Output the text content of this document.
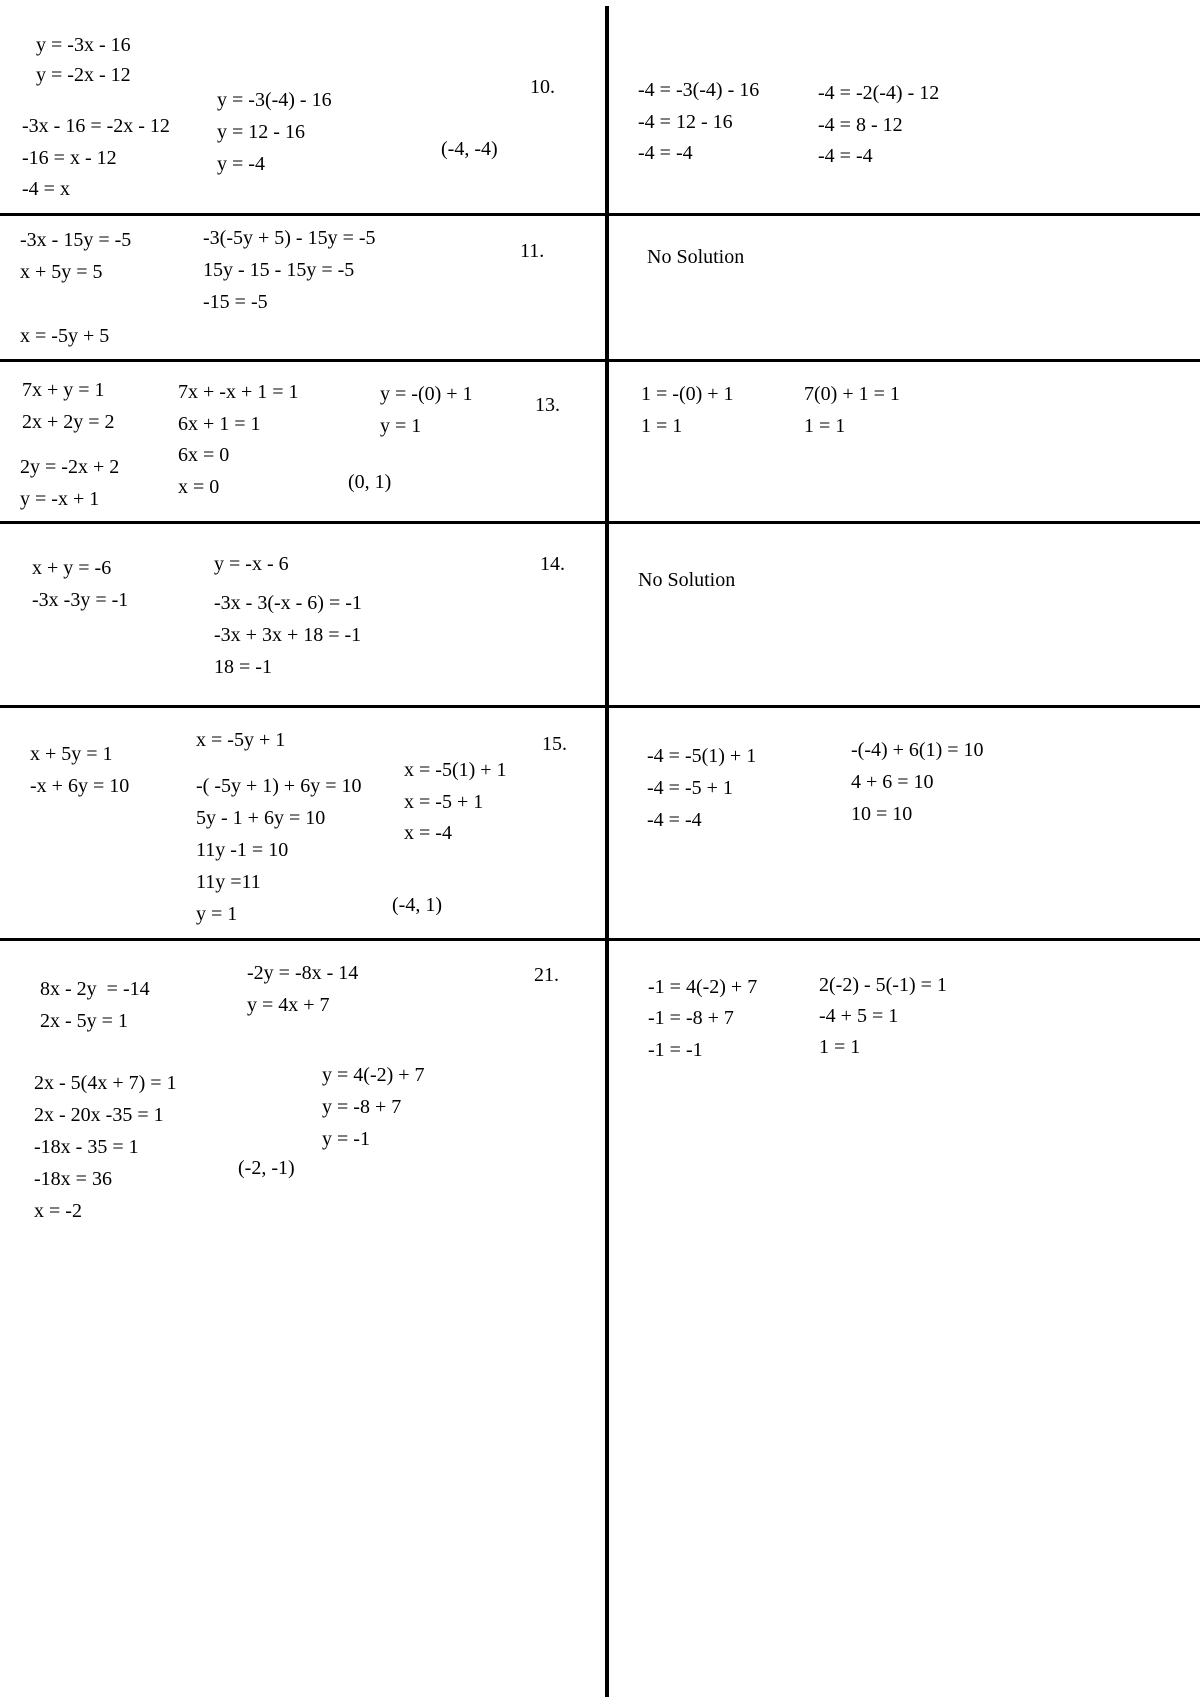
10.
y = -3x - 16
y = -2x - 12
-3x - 16 = -2x - 12
-16 = x - 12
-4 = x
y = -3(-4) - 16
y = 12 - 16
y = -4
(-4, -4)
-4 = -3(-4) - 16
-4 = 12 - 16
-4 = -4
-4 = -2(-4) - 12
-4 = 8 - 12
-4 = -4
11.
-3x - 15y = -5
x + 5y = 5
x = -5y + 5
-3(-5y + 5) - 15y = -5
15y - 15 - 15y = -5
-15 = -5
No Solution
13.
7x + y = 1
2x + 2y = 2
2y = -2x + 2
y = -x + 1
7x + -x + 1 = 1
6x + 1 = 1
6x = 0
x = 0
y = -(0) + 1
y = 1
(0, 1)
1 = -(0) + 1
1 = 1
7(0) + 1 = 1
1 = 1
14.
x + y = -6
-3x -3y = -1
y = -x - 6
-3x - 3(-x - 6) = -1
-3x + 3x + 18 = -1
18 = -1
No Solution
15.
x + 5y = 1
-x + 6y = 10
x = -5y + 1
-( -5y + 1) + 6y = 10
5y - 1 + 6y = 10
11y -1 = 10
11y =11
y = 1
x = -5(1) + 1
x = -5 + 1
x = -4
(-4, 1)
-4 = -5(1) + 1
-4 = -5 + 1
-4 = -4
-(-4) + 6(1) = 10
4 + 6 = 10
10 = 10
21.
8x - 2y  = -14
2x - 5y = 1
-2y = -8x - 14
y = 4x + 7
2x - 5(4x + 7) = 1
2x - 20x -35 = 1
-18x - 35 = 1
-18x = 36
x = -2
y = 4(-2) + 7
y = -8 + 7
y = -1
(-2, -1)
-1 = 4(-2) + 7
-1 = -8 + 7
-1 = -1
2(-2) - 5(-1) = 1
-4 + 5 = 1
1 = 1
